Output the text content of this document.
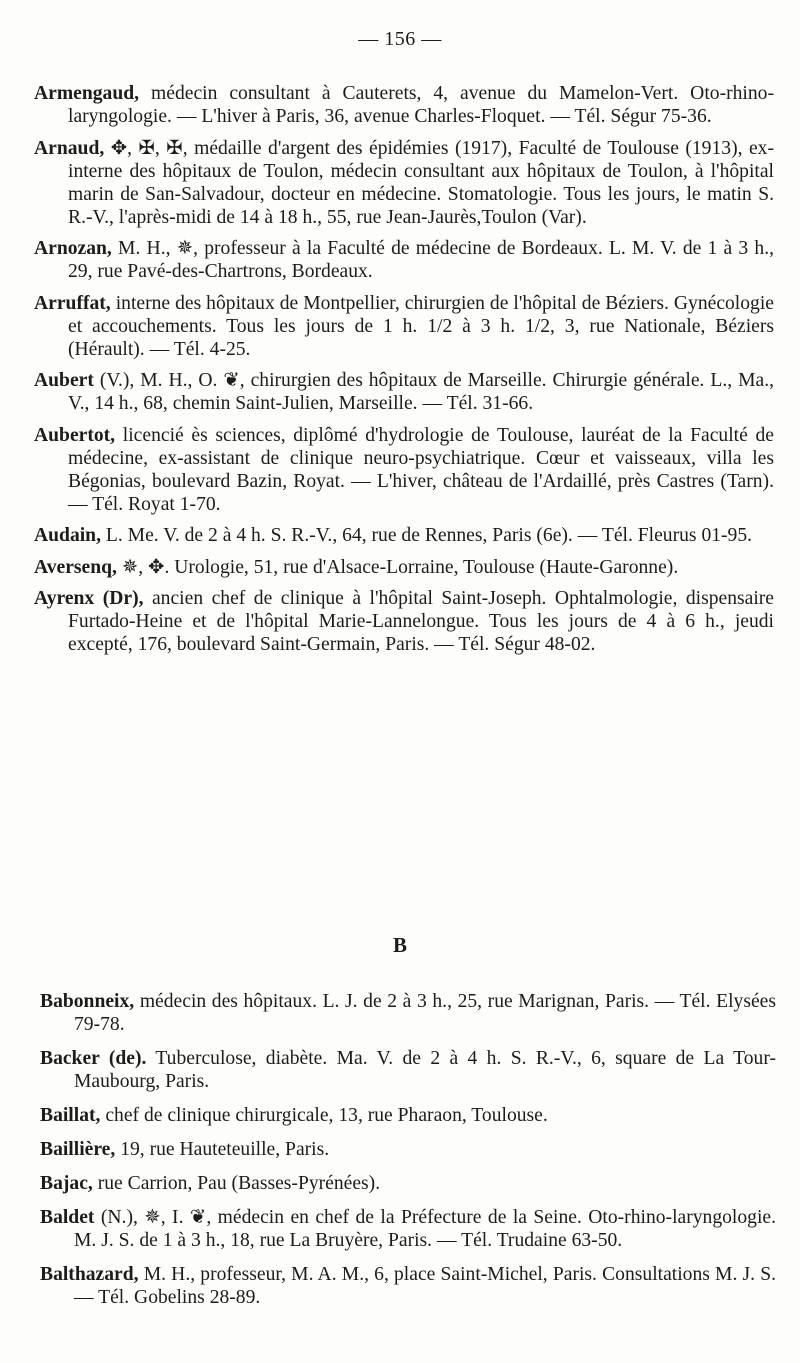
— 156 —

Armengaud, médecin consultant à Cauterets, 4, avenue du Mamelon-Vert. Oto-rhino-laryngologie. — L'hiver à Paris, 36, avenue Charles-Floquet. — Tél. Ségur 75-36.

Arnaud, ✥, ✠, ✠, médaille d'argent des épidémies (1917), Faculté de Toulouse (1913), ex-interne des hôpitaux de Toulon, médecin consultant aux hôpitaux de Toulon, à l'hôpital marin de San-Salvadour, docteur en médecine. Stomatologie. Tous les jours, le matin S. R.-V., l'après-midi de 14 à 18 h., 55, rue Jean-Jaurès,Toulon (Var).

Arnozan, M. H., ✵, professeur à la Faculté de médecine de Bordeaux. L. M. V. de 1 à 3 h., 29, rue Pavé-des-Chartrons, Bordeaux.

Arruffat, interne des hôpitaux de Montpellier, chirurgien de l'hôpital de Béziers. Gynécologie et accouchements. Tous les jours de 1 h. 1/2 à 3 h. 1/2, 3, rue Nationale, Béziers (Hérault). — Tél. 4-25.

Aubert (V.), M. H., O. ❦, chirurgien des hôpitaux de Marseille. Chirurgie générale. L., Ma., V., 14 h., 68, chemin Saint-Julien, Marseille. — Tél. 31-66.

Aubertot, licencié ès sciences, diplômé d'hydrologie de Toulouse, lauréat de la Faculté de médecine, ex-assistant de clinique neuro-psychiatrique. Cœur et vaisseaux, villa les Bégonias, boulevard Bazin, Royat. — L'hiver, château de l'Ardaillé, près Castres (Tarn). — Tél. Royat 1-70.

Audain, L. Me. V. de 2 à 4 h. S. R.-V., 64, rue de Rennes, Paris (6e). — Tél. Fleurus 01-95.

Aversenq, ✵, ✥. Urologie, 51, rue d'Alsace-Lorraine, Toulouse (Haute-Garonne).

Ayrenx (Dr), ancien chef de clinique à l'hôpital Saint-Joseph. Ophtalmologie, dispensaire Furtado-Heine et de l'hôpital Marie-Lannelongue. Tous les jours de 4 à 6 h., jeudi excepté, 176, boulevard Saint-Germain, Paris. — Tél. Ségur 48-02.

B

Babonneix, médecin des hôpitaux. L. J. de 2 à 3 h., 25, rue Marignan, Paris. — Tél. Elysées 79-78.

Backer (de). Tuberculose, diabète. Ma. V. de 2 à 4 h. S. R.-V., 6, square de La Tour-Maubourg, Paris.

Baillat, chef de clinique chirurgicale, 13, rue Pharaon, Toulouse.

Baillière, 19, rue Hauteteuille, Paris.

Bajac, rue Carrion, Pau (Basses-Pyrénées).

Baldet (N.), ✵, I. ❦, médecin en chef de la Préfecture de la Seine. Oto-rhino-laryngologie. M. J. S. de 1 à 3 h., 18, rue La Bruyère, Paris. — Tél. Trudaine 63-50.

Balthazard, M. H., professeur, M. A. M., 6, place Saint-Michel, Paris. Consultations M. J. S. — Tél. Gobelins 28-89.
